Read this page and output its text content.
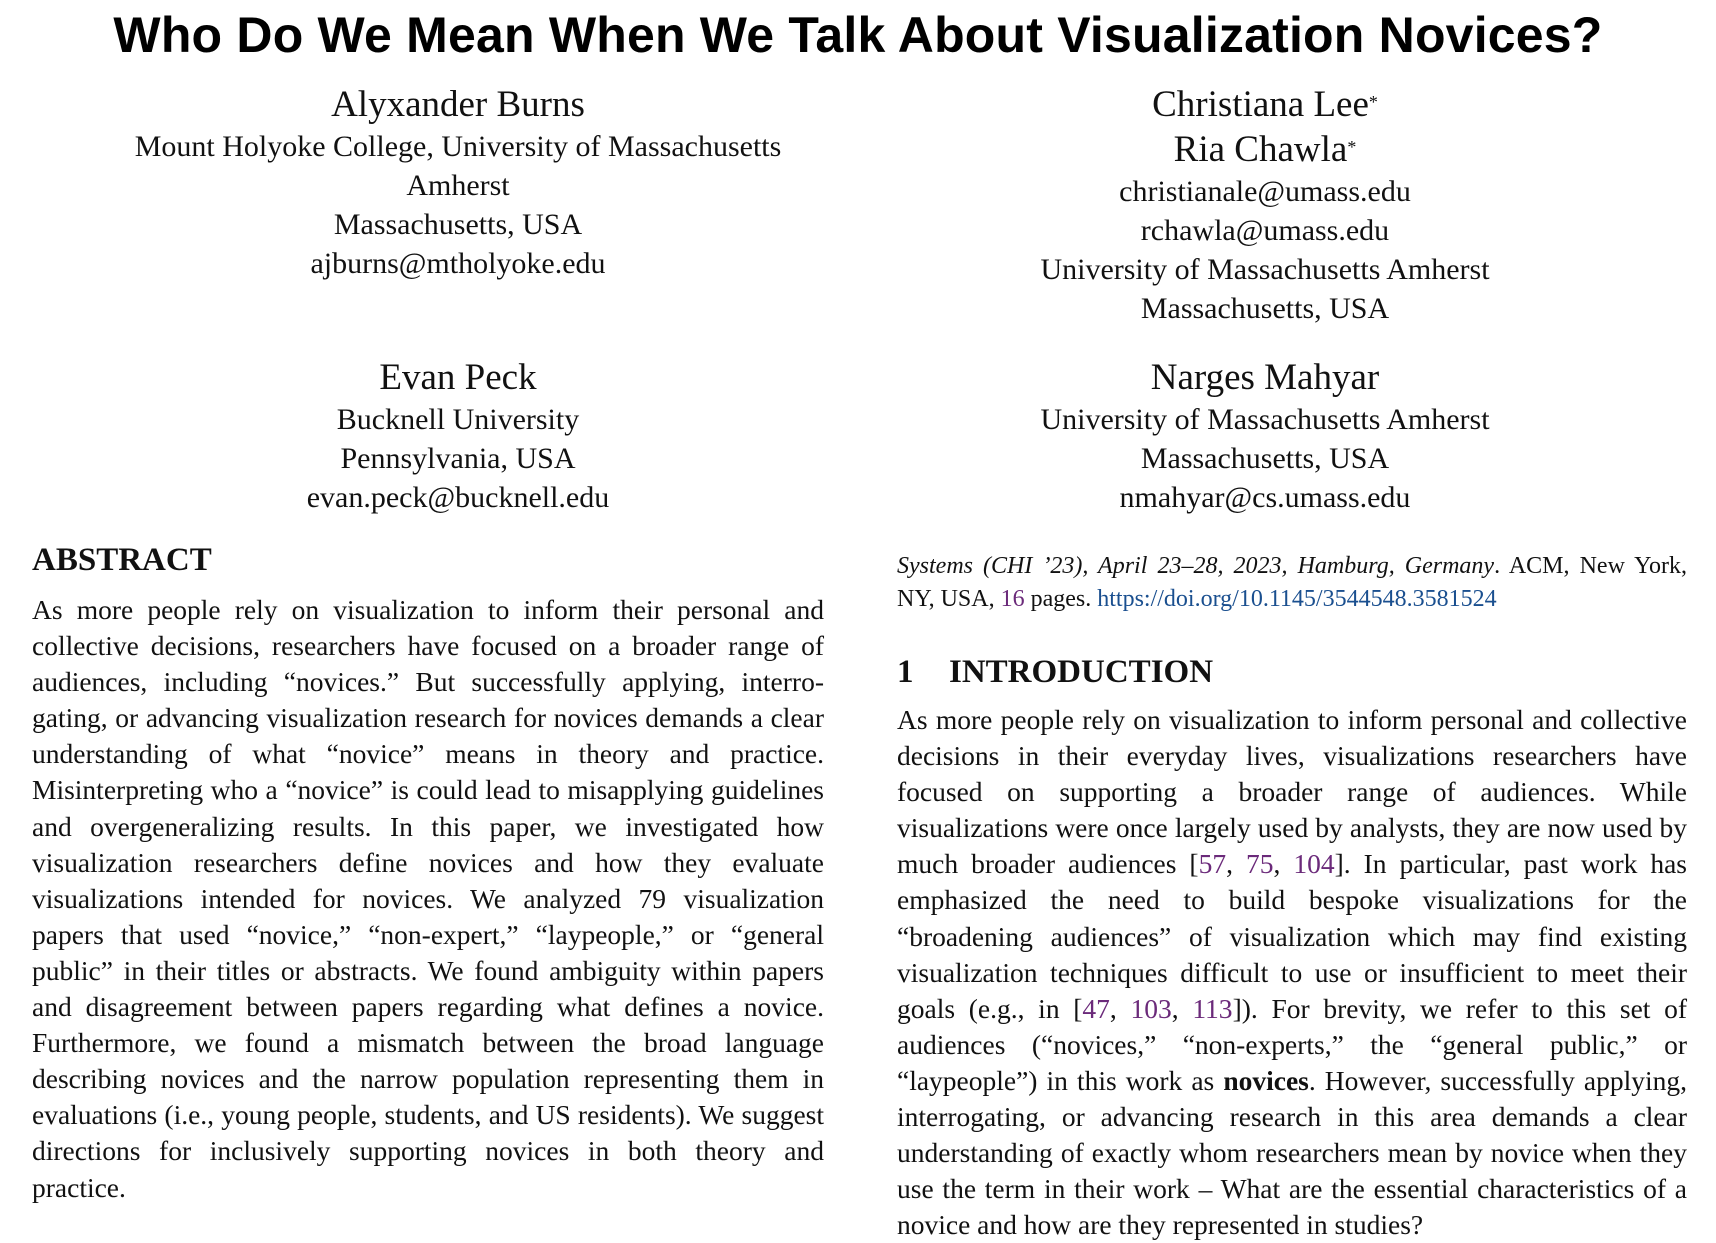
Who Do We Mean When We Talk About Visualization Novices?
Alyxander Burns
Mount Holyoke College, University of Massachusetts
Amherst
Massachusetts, USA
ajburns@mtholyoke.edu
Christiana Lee*
Ria Chawla*
christianale@umass.edu
rchawla@umass.edu
University of Massachusetts Amherst
Massachusetts, USA
Evan Peck
Bucknell University
Pennsylvania, USA
evan.peck@bucknell.edu
Narges Mahyar
University of Massachusetts Amherst
Massachusetts, USA
nmahyar@cs.umass.edu
ABSTRACT

As more people rely on visualization to inform their personal and collective decisions, researchers have focused on a broader range of audiences, including “novices.” But successfully applying, interrogating, or advancing visualization research for novices demands a clear understanding of what “novice” means in theory and practice. Misinterpreting who a “novice” is could lead to misapplying guidelines and overgeneralizing results. In this paper, we investigated how visualization researchers define novices and how they evaluate visualizations intended for novices. We analyzed 79 visualization papers that used “novice,” “non-expert,” “laypeople,” or “general public” in their titles or abstracts. We found ambiguity within papers and disagreement between papers regarding what defines a novice. Furthermore, we found a mismatch between the broad language describing novices and the narrow population representing them in evaluations (i.e., young people, students, and US residents). We suggest directions for inclusively supporting novices in both theory and practice.

Systems (CHI ’23), April 23–28, 2023, Hamburg, Germany. ACM, New York, NY, USA, 16 pages. https://doi.org/10.1145/3544548.3581524

1 INTRODUCTION

As more people rely on visualization to inform personal and collective decisions in their everyday lives, visualizations researchers have focused on supporting a broader range of audiences. While visualizations were once largely used by analysts, they are now used by much broader audiences [57, 75, 104]. In particular, past work has emphasized the need to build bespoke visualizations for the “broadening audiences” of visualization which may find existing visualization techniques difficult to use or insufficient to meet their goals (e.g., in [47, 103, 113]). For brevity, we refer to this set of audiences (“novices,” “non-experts,” the “general public,” or “laypeople”) in this work as novices. However, successfully applying, interrogating, or advancing research in this area demands a clear understanding of exactly whom researchers mean by novice when they use the term in their work – What are the essential characteristics of a novice and how are they represented in studies?
